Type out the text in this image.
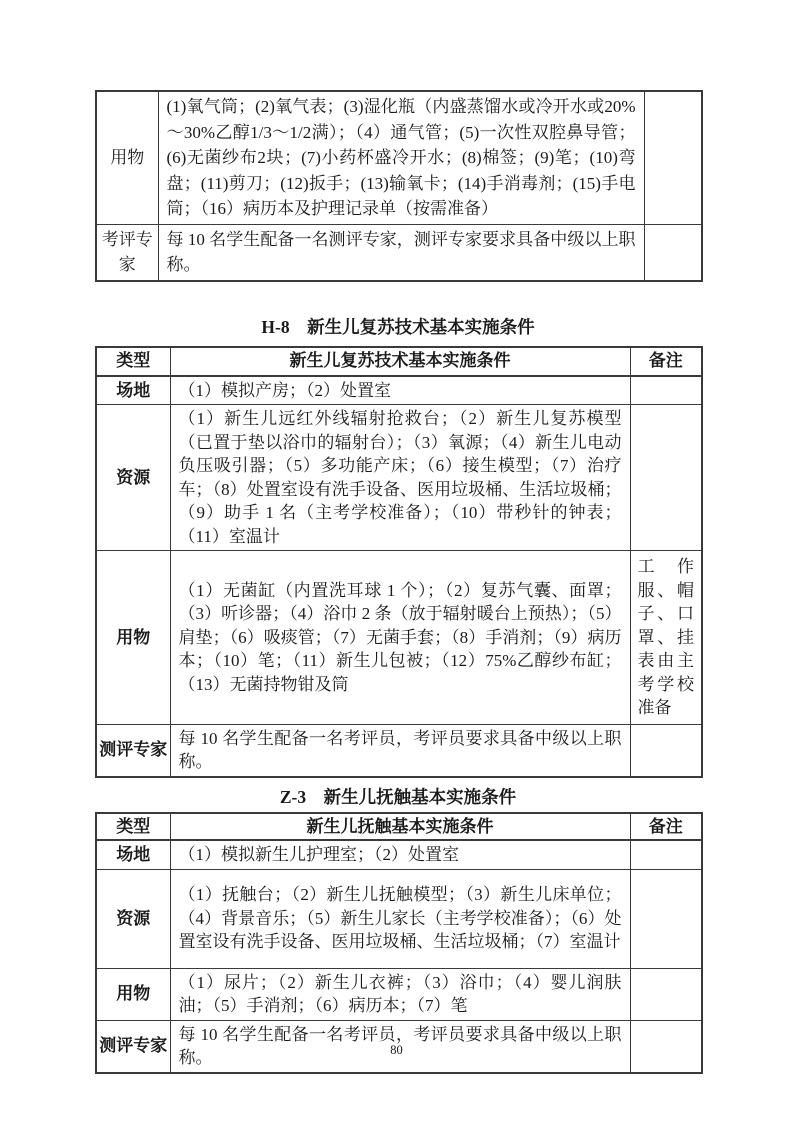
用物	(1)氧气筒；(2)氧气表；(3)湿化瓶（内盛蒸馏水或冷开水或20%～30%乙醇1/3～1/2满）；（4）通气管；(5)一次性双腔鼻导管；(6)无菌纱布2块；(7)小药杯盛冷开水；(8)棉签；(9)笔；(10)弯盘；(11)剪刀；(12)扳手；(13)输氧卡；(14)手消毒剂；(15)手电筒；（16）病历本及护理记录单（按需准备）	
考评专家	每 10 名学生配备一名测评专家，测评专家要求具备中级以上职称。	
H-8　新生儿复苏技术基本实施条件
类型	新生儿复苏技术基本实施条件	备注
场地	（1）模拟产房；（2）处置室	
资源	（1）新生儿远红外线辐射抢救台；（2）新生儿复苏模型（已置于垫以浴巾的辐射台）；（3）氧源；（4）新生儿电动负压吸引器；（5）多功能产床；（6）接生模型；（7）治疗车；（8）处置室设有洗手设备、医用垃圾桶、生活垃圾桶；（9）助手 1 名（主考学校准备）；（10）带秒针的钟表；（11）室温计	
用物	（1）无菌缸（内置洗耳球 1 个）；（2）复苏气囊、面罩；（3）听诊器；（4）浴巾 2 条（放于辐射暖台上预热）；（5）肩垫；（6）吸痰管；（7）无菌手套；（8）手消剂；（9）病历本；（10）笔；（11）新生儿包被；（12）75%乙醇纱布缸；（13）无菌持物钳及筒	工作服、帽子、口罩、挂表由主考学校准备
测评专家	每 10 名学生配备一名考评员，考评员要求具备中级以上职称。	
Z-3　新生儿抚触基本实施条件
类型	新生儿抚触基本实施条件	备注
场地	（1）模拟新生儿护理室；（2）处置室	
资源	（1）抚触台；（2）新生儿抚触模型；（3）新生儿床单位；（4）背景音乐；（5）新生儿家长（主考学校准备）；（6）处置室设有洗手设备、医用垃圾桶、生活垃圾桶；（7）室温计	
用物	（1）尿片；（2）新生儿衣裤；（3）浴巾；（4）婴儿润肤油；（5）手消剂；（6）病历本；（7）笔	
测评专家	每 10 名学生配备一名考评员，考评员要求具备中级以上职称。		80
